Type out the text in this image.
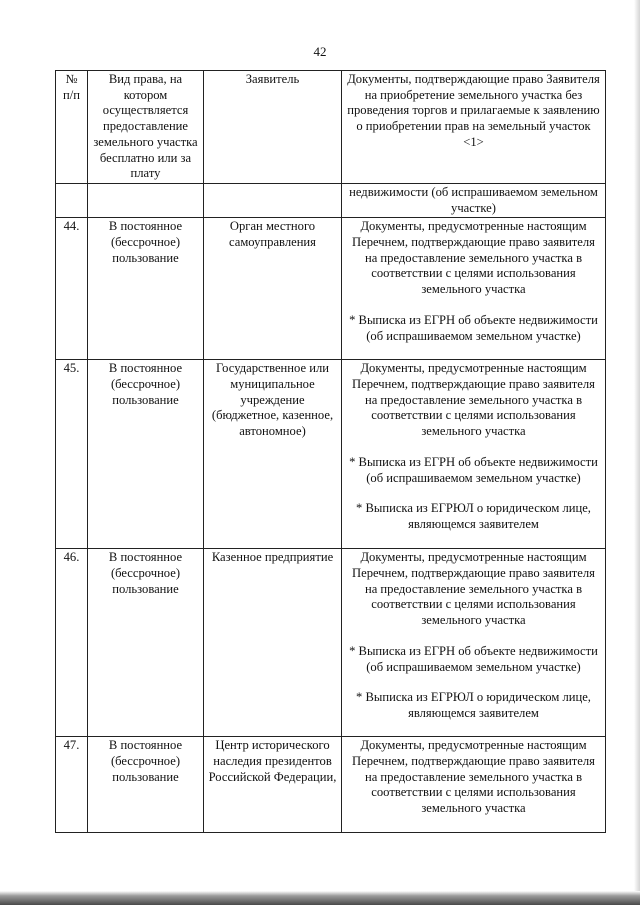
42
№ п/п	Вид права, на котором осуществляется предоставление земельного участка бесплатно или за плату	Заявитель	Документы, подтверждающие право Заявителя на приобретение земельного участка без проведения торгов и прилагаемые к заявлению о приобретении прав на земельный участок <1>
			недвижимости (об испрашиваемом земельном участке)
44.	В постоянное (бессрочное) пользование	Орган местного самоуправления	Документы, предусмотренные настоящим Перечнем, подтверждающие право заявителя на предоставление земельного участка в соответствии с целями использования земельного участка
* Выписка из ЕГРН об объекте недвижимости (об испрашиваемом земельном участке)

45.	В постоянное (бессрочное) пользование	Государственное или муниципальное учреждение (бюджетное, казенное, автономное)	Документы, предусмотренные настоящим Перечнем, подтверждающие право заявителя на предоставление земельного участка в соответствии с целями использования земельного участка
* Выписка из ЕГРН об объекте недвижимости (об испрашиваемом земельном участке)
* Выписка из ЕГРЮЛ о юридическом лице, являющемся заявителем

46.	В постоянное (бессрочное) пользование	Казенное предприятие	Документы, предусмотренные настоящим Перечнем, подтверждающие право заявителя на предоставление земельного участка в соответствии с целями использования земельного участка
* Выписка из ЕГРН об объекте недвижимости (об испрашиваемом земельном участке)
* Выписка из ЕГРЮЛ о юридическом лице, являющемся заявителем

47.	В постоянное (бессрочное) пользование	Центр исторического наследия президентов Российской Федерации,	Документы, предусмотренные настоящим Перечнем, подтверждающие право заявителя на предоставление земельного участка в соответствии с целями использования земельного участка
